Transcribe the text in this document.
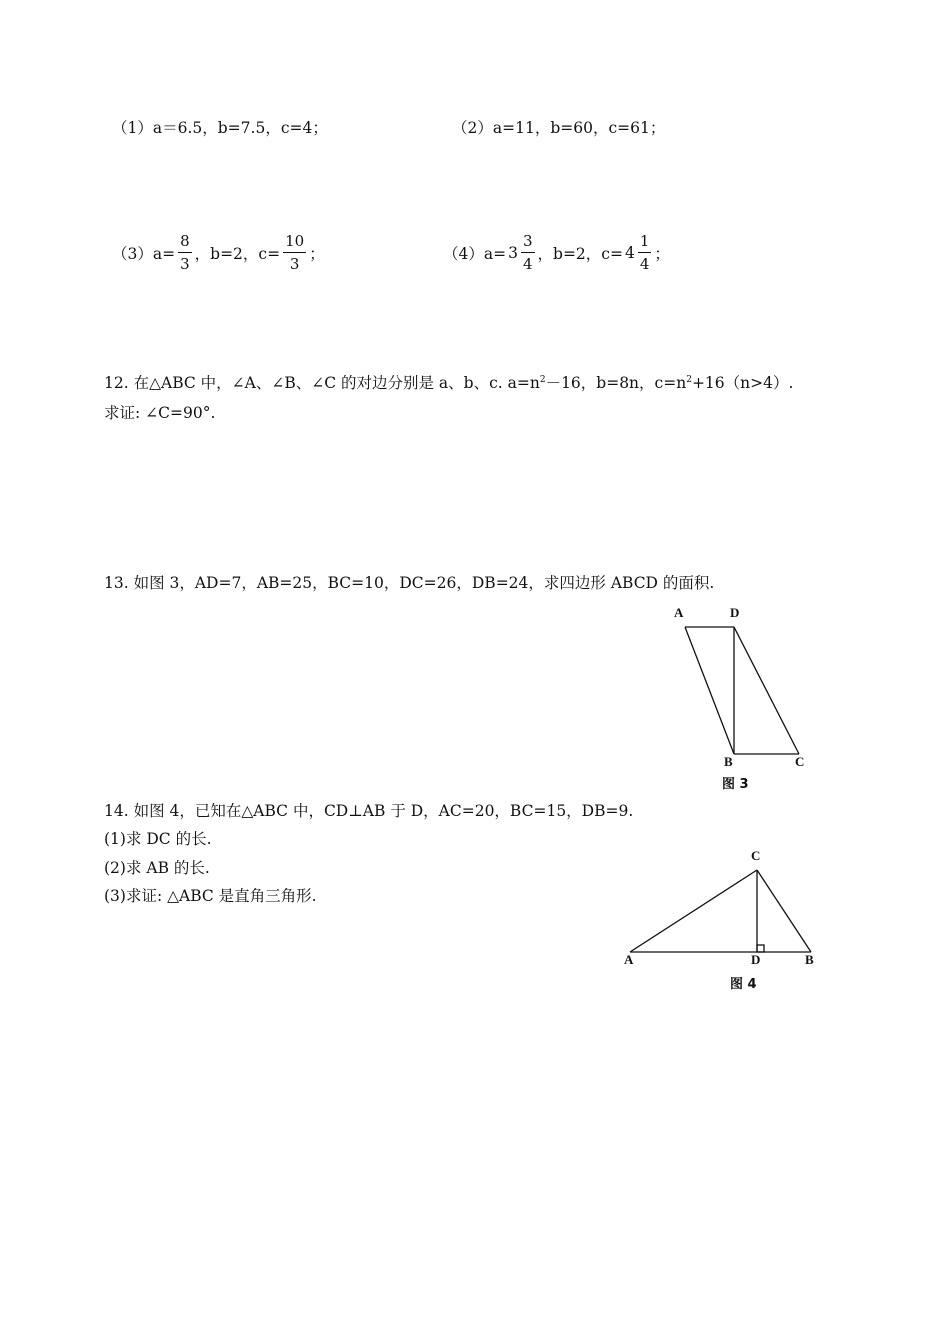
（1）a＝6.5，b=7.5，c=4；	（2）a=11，b=60，c=61；
$(3)a= \frac{8}{3}$ ，b=2，$c= \frac{10}{3}$ ；	$(4)a= 3 \frac{3}{4}$ ，b=2，$c= 4 \frac{1}{4}$ ；
12. 在△ABC 中，∠A、∠B、∠C 的对边分别是 a、b、c. $a=n^2-16$，b=8n，$c=n^2+16(n>4)$.
求证: ∠C=90°.
13. 如图 3，AD=7，AB=25，BC=10，DC=26，DB=24，求四边形 ABCD 的面积.
A	D
B	C
图 3
14. 如图 4，已知在△ABC 中，CD⊥AB 于 D，AC=20，BC=15，DB=9.
(1)求 DC 的长.
(2)求 AB 的长.
(3)求证: △ABC 是直角三角形.
C
A	D	B
图 4
